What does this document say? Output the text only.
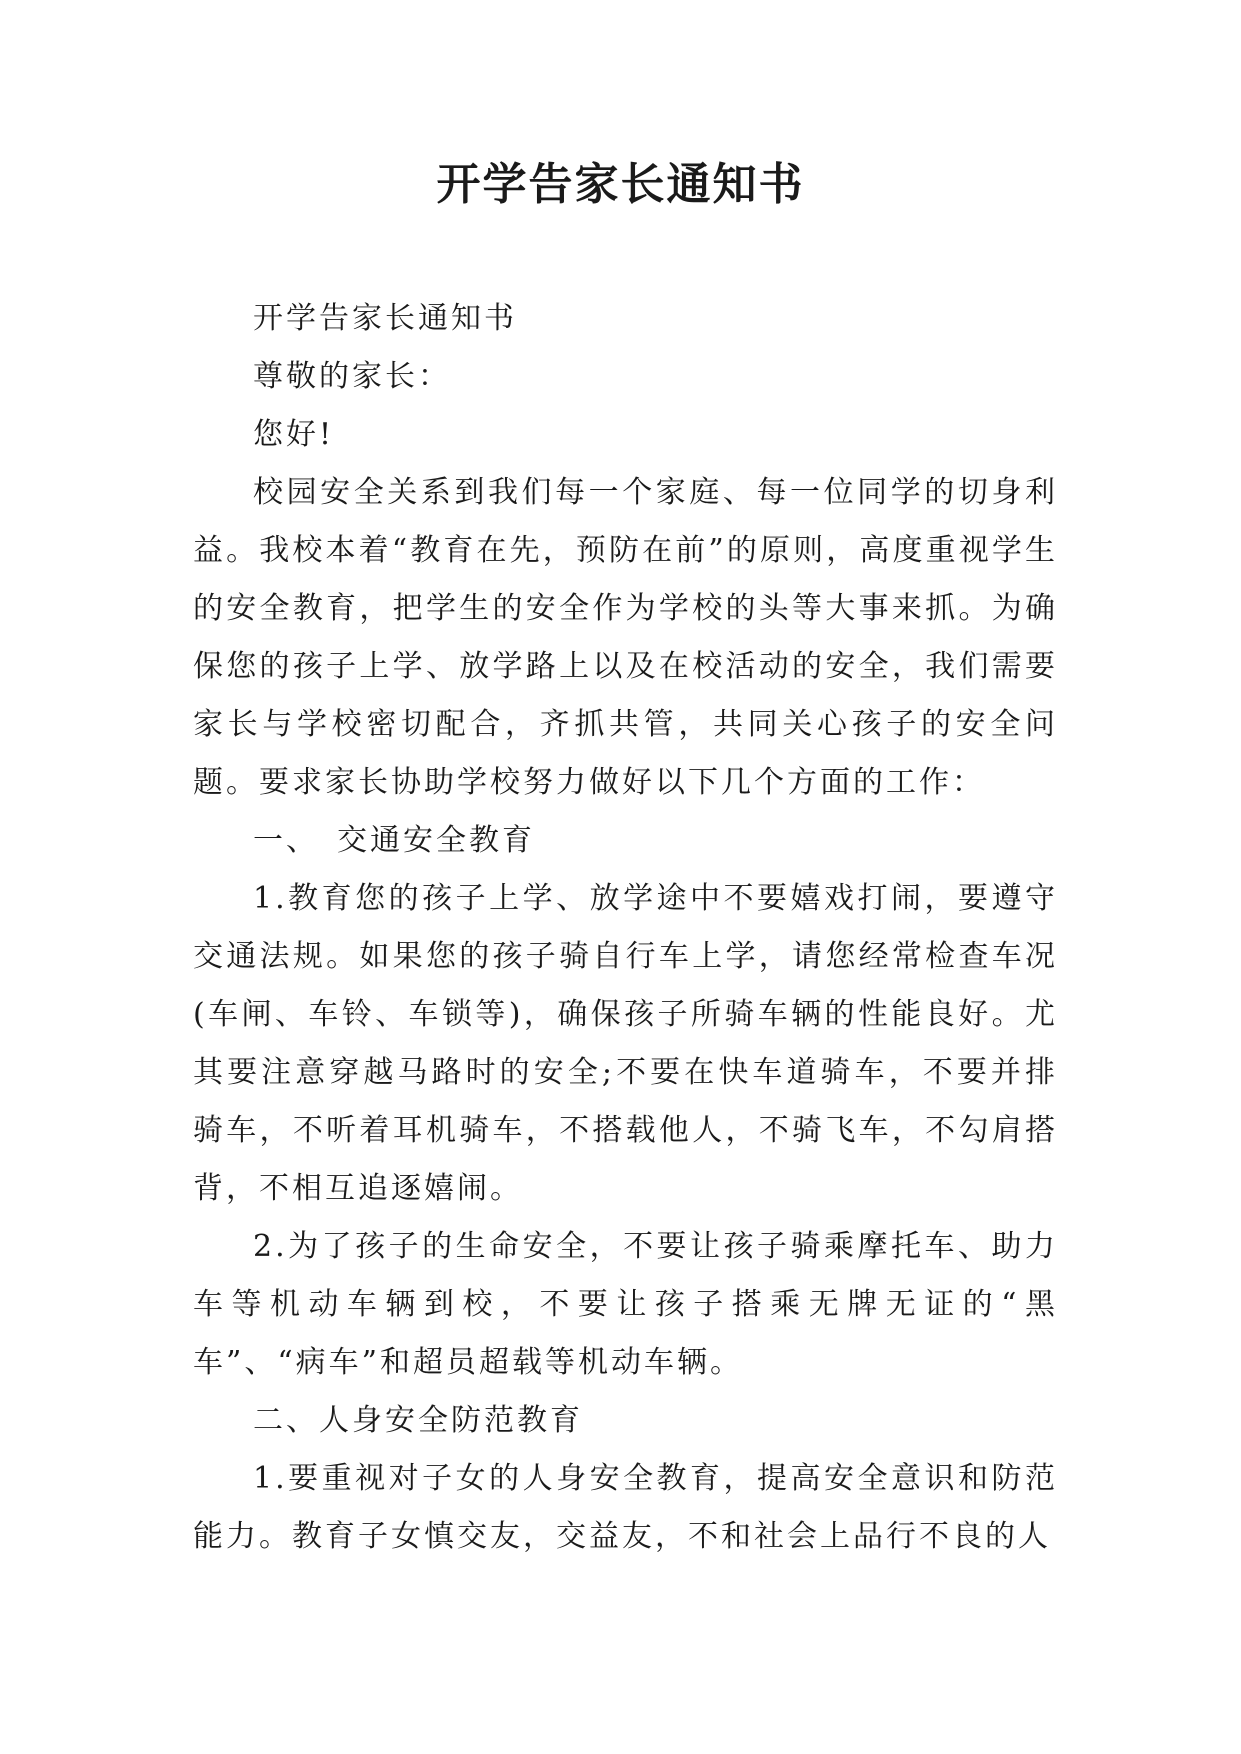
开学告家长通知书

开学告家长通知书

尊敬的家长：

您好!

校园安全关系到我们每一个家庭、每一位同学的切身利益。我校本着“教育在先，预防在前”的原则，高度重视学生的安全教育，把学生的安全作为学校的头等大事来抓。为确保您的孩子上学、放学路上以及在校活动的安全，我们需要家长与学校密切配合，齐抓共管，共同关心孩子的安全问题。要求家长协助学校努力做好以下几个方面的工作：

一、　交通安全教育

1.教育您的孩子上学、放学途中不要嬉戏打闹，要遵守交通法规。如果您的孩子骑自行车上学，请您经常检查车况(车闸、车铃、车锁等)，确保孩子所骑车辆的性能良好。尤其要注意穿越马路时的安全;不要在快车道骑车，不要并排骑车，不听着耳机骑车，不搭载他人，不骑飞车，不勾肩搭背，不相互追逐嬉闹。

2.为了孩子的生命安全，不要让孩子骑乘摩托车、助力车等机动车辆到校，不要让孩子搭乘无牌无证的“黑车”、“病车”和超员超载等机动车辆。

二、人身安全防范教育

1.要重视对子女的人身安全教育，提高安全意识和防范能力。教育子女慎交友，交益友，不和社会上品行不良的人
